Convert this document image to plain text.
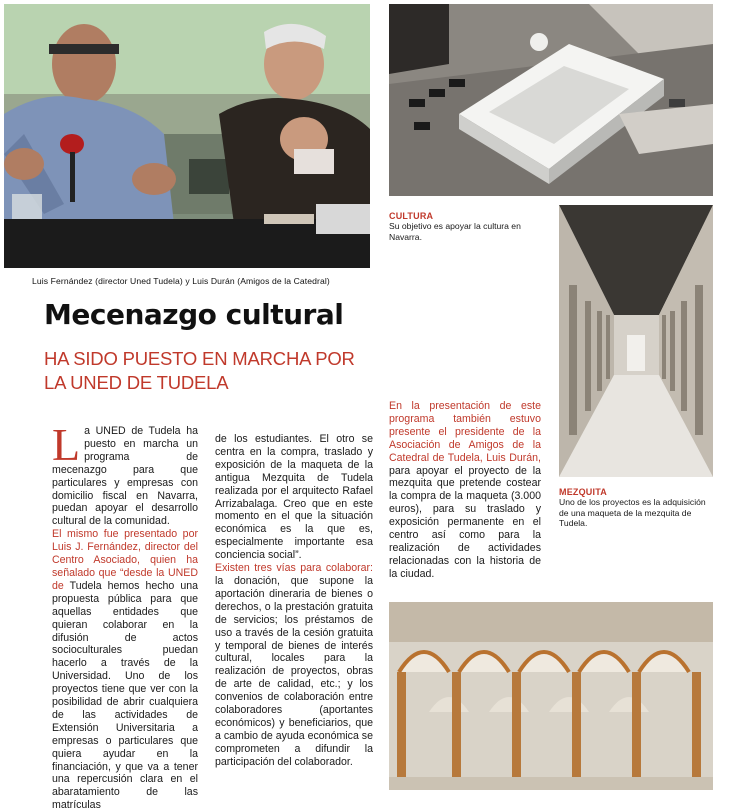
Luis Fernández (director Uned Tudela) y Luis Durán (Amigos de la Catedral)
CULTURA
Su objetivo es apoyar la cultura en Navarra.
MEZQUITA
Uno de los proyectos es la adquisición de una maqueta de la mezquita de Tudela.
Mecenazgo cultural
HA SIDO PUESTO EN MARCHA POR LA UNED DE TUDELA
La UNED de Tudela ha puesto en marcha un programa de mecenazgo para que particulares y empresas con domicilio fiscal en Navarra, puedan apoyar el desarrollo cultural de la comunidad.
El mismo fue presentado por Luis J. Fernández, director del Centro Asociado, quien ha señalado que “desde la UNED de Tudela hemos hecho una propuesta pública para que aquellas entidades que quieran colaborar en la difusión de actos socioculturales puedan hacerlo a través de la Universidad. Uno de los proyectos tiene que ver con la posibilidad de abrir cualquiera de las actividades de Extensión Universitaria a empresas o particulares que quiera ayudar en la financiación, y que va a tener una repercusión clara en el abaratamiento de las matrículas
de los estudiantes. El otro se centra en la compra, traslado y exposición de la maqueta de la antigua Mezquita de Tudela realizada por el arquitecto Rafael Arrizabalaga. Creo que en este momento en el que la situación económica es la que es, especialmente importante esa conciencia social”.
Existen tres vías para colaborar: la donación, que supone la aportación dineraria de bienes o derechos, o la prestación gratuita de servicios; los préstamos de uso a través de la cesión gratuita y temporal de bienes de interés cultural, locales para la realización de proyectos, obras de arte de calidad, etc.; y los convenios de colaboración entre colaboradores (aportantes económicos) y beneficiarios, que a cambio de ayuda económica se comprometen a difundir la participación del colaborador.
En la presentación de este programa también estuvo presente el presidente de la Asociación de Amigos de la Catedral de Tudela, Luis Durán, para apoyar el proyecto de la mezquita que pretende costear la compra de la maqueta (3.000 euros), para su traslado y exposición permanente en el centro así como para la realización de actividades relacionadas con la historia de la ciudad.
